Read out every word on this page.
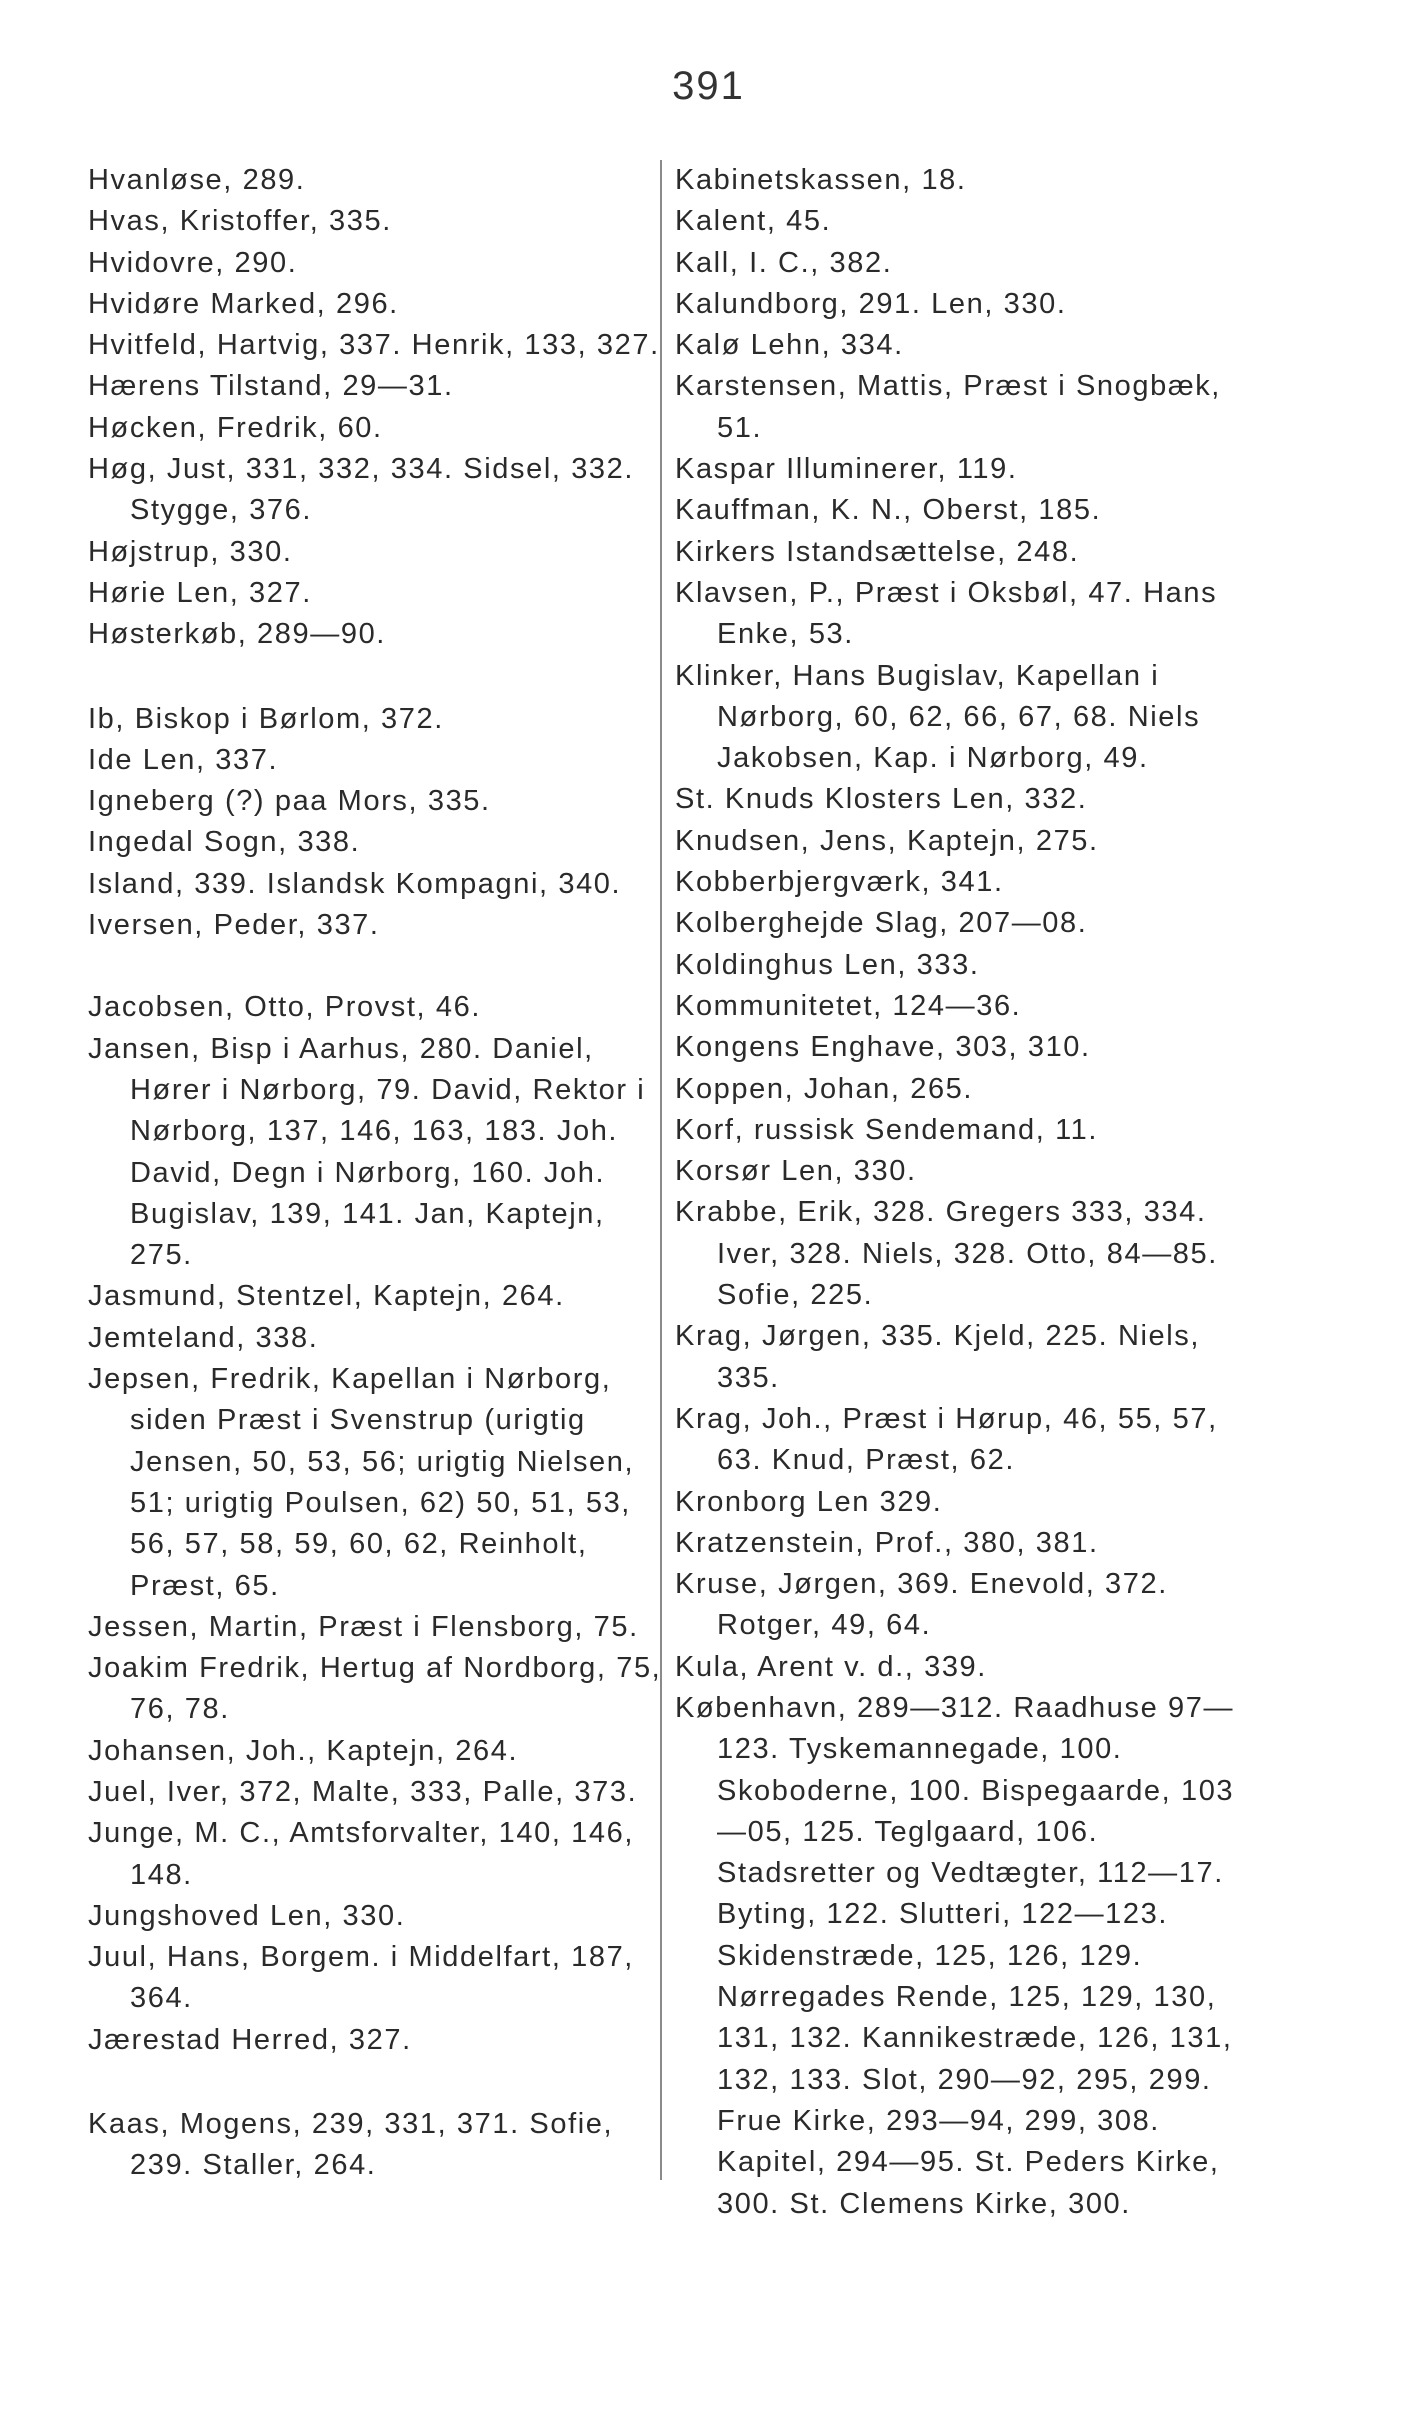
391
Hvanløse, 289.
Hvas, Kristoffer, 335.
Hvidovre, 290.
Hvidøre Marked, 296.
Hvitfeld, Hartvig, 337. Henrik, 133, 327.
Hærens Tilstand, 29—31.
Høcken, Fredrik, 60.
Høg, Just, 331, 332, 334. Sidsel, 332. Stygge, 376.
Højstrup, 330.
Hørie Len, 327.
Høsterkøb, 289—90.
Ib, Biskop i Børlom, 372.
Ide Len, 337.
Igneberg (?) paa Mors, 335.
Ingedal Sogn, 338.
Island, 339. Islandsk Kompagni, 340.
Iversen, Peder, 337.
Jacobsen, Otto, Provst, 46.
Jansen, Bisp i Aarhus, 280. Daniel, Hører i Nørborg, 79. David, Rektor i Nørborg, 137, 146, 163, 183. Joh. David, Degn i Nørborg, 160. Joh. Bugislav, 139, 141. Jan, Kaptejn, 275.
Jasmund, Stentzel, Kaptejn, 264.
Jemteland, 338.
Jepsen, Fredrik, Kapellan i Nørborg, siden Præst i Svenstrup (urigtig Jensen, 50, 53, 56; urigtig Nielsen, 51; urigtig Poulsen, 62) 50, 51, 53, 56, 57, 58, 59, 60, 62, Reinholt, Præst, 65.
Jessen, Martin, Præst i Flensborg, 75.
Joakim Fredrik, Hertug af Nordborg, 75, 76, 78.
Johansen, Joh., Kaptejn, 264.
Juel, Iver, 372, Malte, 333, Palle, 373.
Junge, M. C., Amtsforvalter, 140, 146, 148.
Jungshoved Len, 330.
Juul, Hans, Borgem. i Middelfart, 187, 364.
Jærestad Herred, 327.
Kaas, Mogens, 239, 331, 371. Sofie, 239. Staller, 264.
Kabinetskassen, 18.
Kalent, 45.
Kall, I. C., 382.
Kalundborg, 291. Len, 330.
Kalø Lehn, 334.
Karstensen, Mattis, Præst i Snogbæk, 51.
Kaspar Illuminerer, 119.
Kauffman, K. N., Oberst, 185.
Kirkers Istandsættelse, 248.
Klavsen, P., Præst i Oksbøl, 47. Hans Enke, 53.
Klinker, Hans Bugislav, Kapellan i Nørborg, 60, 62, 66, 67, 68. Niels Jakobsen, Kap. i Nørborg, 49.
St. Knuds Klosters Len, 332.
Knudsen, Jens, Kaptejn, 275.
Kobberbjergværk, 341.
Kolberghejde Slag, 207—08.
Koldinghus Len, 333.
Kommunitetet, 124—36.
Kongens Enghave, 303, 310.
Koppen, Johan, 265.
Korf, russisk Sendemand, 11.
Korsør Len, 330.
Krabbe, Erik, 328. Gregers 333, 334. Iver, 328. Niels, 328. Otto, 84—85. Sofie, 225.
Krag, Jørgen, 335. Kjeld, 225. Niels, 335.
Krag, Joh., Præst i Hørup, 46, 55, 57, 63. Knud, Præst, 62.
Kronborg Len 329.
Kratzenstein, Prof., 380, 381.
Kruse, Jørgen, 369. Enevold, 372. Rotger, 49, 64.
Kula, Arent v. d., 339.
København, 289—312. Raadhuse 97—123. Tyskemannegade, 100. Skoboderne, 100. Bispegaarde, 103—05, 125. Teglgaard, 106. Stadsretter og Vedtægter, 112—17. Byting, 122. Slutteri, 122—123. Skidenstræde, 125, 126, 129. Nørregades Rende, 125, 129, 130, 131, 132. Kannikestræde, 126, 131, 132, 133. Slot, 290—92, 295, 299. Frue Kirke, 293—94, 299, 308. Kapitel, 294—95. St. Peders Kirke, 300. St. Clemens Kirke, 300.
